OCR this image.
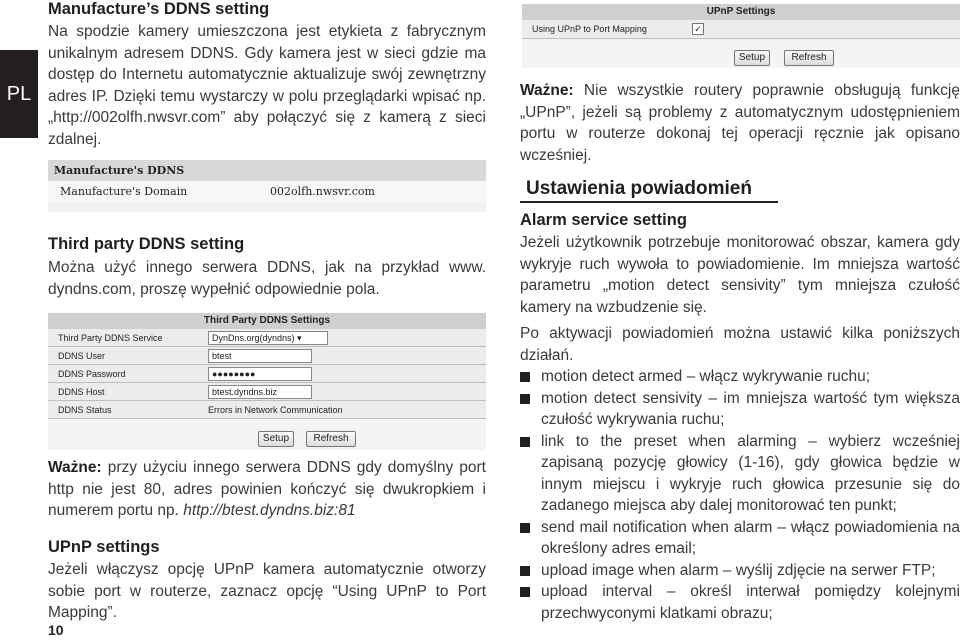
PL
Manufacture’s DDNS setting
Na spodzie kamery umieszczona jest etykieta z fabrycznym unikalnym adresem DDNS. Gdy kamera jest w sieci gdzie ma dostęp do Internetu automatycznie aktualizuje swój zewnętrzny adres IP. Dzięki temu wystarczy w polu przeglądarki wpisać np. „http://002olfh.nwsvr.com” aby połączyć się z kamerą z sieci zdalnej.
Manufacture's DDNS
Manufacture's Domain	002olfh.nwsvr.com
Third party DDNS setting
Można użyć innego serwera DDNS, jak na przykład www. dyndns.com, proszę wypełnić odpowiednie pola.
Third Party DDNS Settings
Third Party DDNS Service	DynDns.org(dyndns) ▾
DDNS User	btest
DDNS Password	●●●●●●●●
DDNS Host	btest.dyndns.biz
DDNS Status	Errors in Network Communication
Setup	Refresh
Ważne: przy użyciu innego serwera DDNS gdy domyślny port http nie jest 80, adres powinien kończyć się dwukropkiem i numerem portu np. http://btest.dyndns.biz:81
UPnP settings
Jeżeli włączysz opcję UPnP kamera automatycznie otworzy sobie port w routerze, zaznacz opcję “Using UPnP to Port Mapping”.
10
UPnP Settings
Using UPnP to Port Mapping	✓
Setup	Refresh
Ważne: Nie wszystkie routery poprawnie obsługują funkcję „UPnP”, jeżeli są problemy z automatycznym udostępnieniem portu w routerze dokonaj tej operacji ręcznie jak opisano wcześniej.
Ustawienia powiadomień
Alarm service setting
Jeżeli użytkownik potrzebuje monitorować obszar, kamera gdy wykryje ruch wywoła to powiadomienie. Im mniejsza wartość parametru „motion detect sensivity” tym mniejsza czułość kamery na wzbudzenie się.
Po aktywacji powiadomień można ustawić kilka poniższych działań.
motion detect armed – włącz wykrywanie ruchu;
motion detect sensivity – im mniejsza wartość tym większa czułość wykrywania ruchu;
link to the preset when alarming – wybierz wcześniej zapisaną pozycję głowicy (1-16), gdy głowica będzie w innym miejscu i wykryje ruch głowica przesunie się do zadanego miejsca aby dalej monitorować ten punkt;
send mail notification when alarm – włącz powiadomienia na określony adres email;
upload image when alarm – wyślij zdjęcie na serwer FTP;
upload interval – określ interwał pomiędzy kolejnymi przechwyconymi klatkami obrazu;
